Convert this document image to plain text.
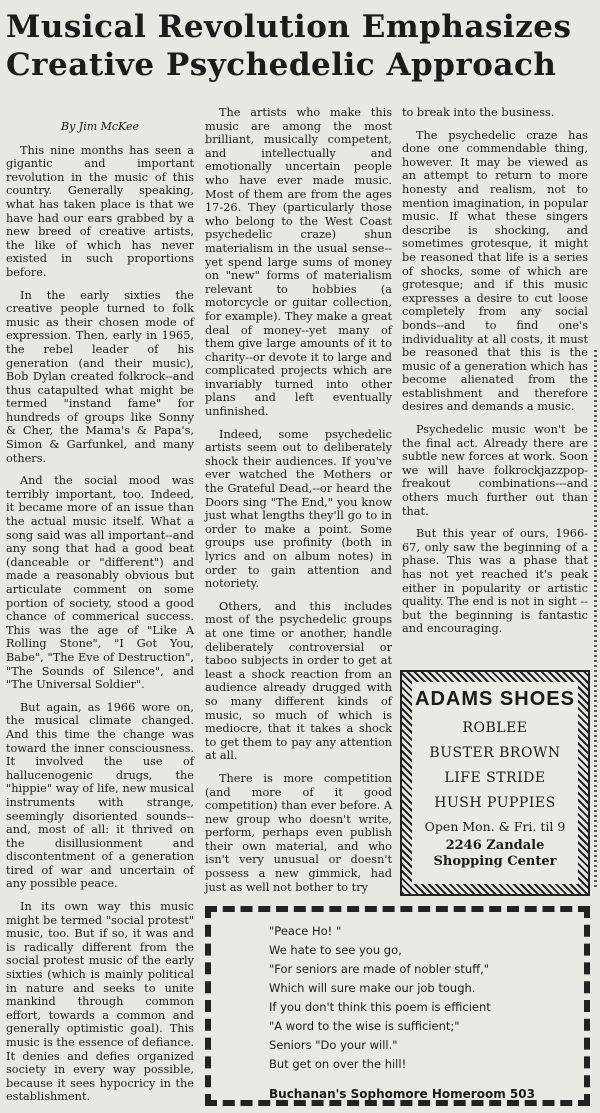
Musical Revolution Emphasizes
Creative Psychedelic Approach
By Jim McKee

This nine months has seen a gigantic and important revolution in the music of this country. Generally speaking, what has taken place is that we have had our ears grabbed by a new breed of creative artists, the like of which has never existed in such proportions before.

In the early sixties the creative people turned to folk music as their chosen mode of expression. Then, early in 1965, the rebel leader of his generation (and their music), Bob Dylan created folkrock--and thus catapulted what might be termed "instand fame" for hundreds of groups like Sonny & Cher, the Mama's & Papa's, Simon & Garfunkel, and many others.

And the social mood was terribly important, too. Indeed, it became more of an issue than the actual music itself. What a song said was all important--and any song that had a good beat (danceable or "different") and made a reasonably obvious but articulate comment on some portion of society, stood a good chance of commerical success. This was the age of "Like A Rolling Stone", "I Got You, Babe", "The Eve of Destruction", "The Sounds of Silence", and "The Universal Soldier".

But again, as 1966 wore on, the musical climate changed. And this time the change was toward the inner consciousness. It involved the use of hallucenogenic drugs, the "hippie" way of life, new musical instruments with strange, seemingly disoriented sounds--and, most of all: it thrived on the disillusionment and discontentment of a generation tired of war and uncertain of any possible peace.

In its own way this music might be termed "social protest" music, too. But if so, it was and is radically different from the social protest music of the early sixties (which is mainly political in nature and seeks to unite mankind through common effort, towards a common and generally optimistic goal). This music is the essence of defiance. It denies and defies organized society in every way possible, because it sees hypocricy in the establishment.

The artists who make this music are among the most brilliant, musically competent, and intellectually and emotionally uncertain people who have ever made music. Most of them are from the ages 17-26. They (particularly those who belong to the West Coast psychedelic craze) shun materialism in the usual sense--yet spend large sums of money on "new" forms of materialism relevant to hobbies (a motorcycle or guitar collection, for example). They make a great deal of money--yet many of them give large amounts of it to charity--or devote it to large and complicated projects which are invariably turned into other plans and left eventually unfinished.

Indeed, some psychedelic artists seem out to deliberately shock their audiences. If you've ever watched the Mothers or the Grateful Dead,--or heard the Doors sing "The End," you know just what lengths they'll go to in order to make a point. Some groups use profinity (both in lyrics and on album notes) in order to gain attention and notoriety.

Others, and this includes most of the psychedelic groups at one time or another, handle deliberately controversial or taboo subjects in order to get at least a shock reaction from an audience already drugged with so many different kinds of music, so much of which is mediocre, that it takes a shock to get them to pay any attention at all.

There is more competition (and more of it good competition) than ever before. A new group who doesn't write, perform, perhaps even publish their own material, and who isn't very unusual or doesn't possess a new gimmick, had just as well not bother to try

to break into the business.

The psychedelic craze has done one commendable thing, however. It may be viewed as an attempt to return to more honesty and realism, not to mention imagination, in popular music. If what these singers describe is shocking, and sometimes grotesque, it might be reasoned that life is a series of shocks, some of which are grotesque; and if this music expresses a desire to cut loose completely from any social bonds--and to find one's individuality at all costs, it must be reasoned that this is the music of a generation which has become alienated from the establishment and therefore desires and demands a music.

Psychedelic music won't be the final act. Already there are subtle new forces at work. Soon we will have folkrockjazzpop-freakout combinations---and others much further out than that.

But this year of ours, 1966-67, only saw the beginning of a phase. This was a phase that has not yet reached it's peak either in popularity or artistic quality. The end is not in sight --but the beginning is fantastic and encouraging.

ADAMS SHOES
ROBLEE
BUSTER BROWN
LIFE STRIDE
HUSH PUPPIES
Open Mon. & Fri. til 9
2246 Zandale
Shopping Center
"Peace Ho! "
We hate to see you go,
"For seniors are made of nobler stuff,"
Which will sure make our job tough.
If you don't think this poem is efficient
"A word to the wise is sufficient;"
Seniors "Do your will."
But get on over the hill!
Buchanan's Sophomore Homeroom 503
